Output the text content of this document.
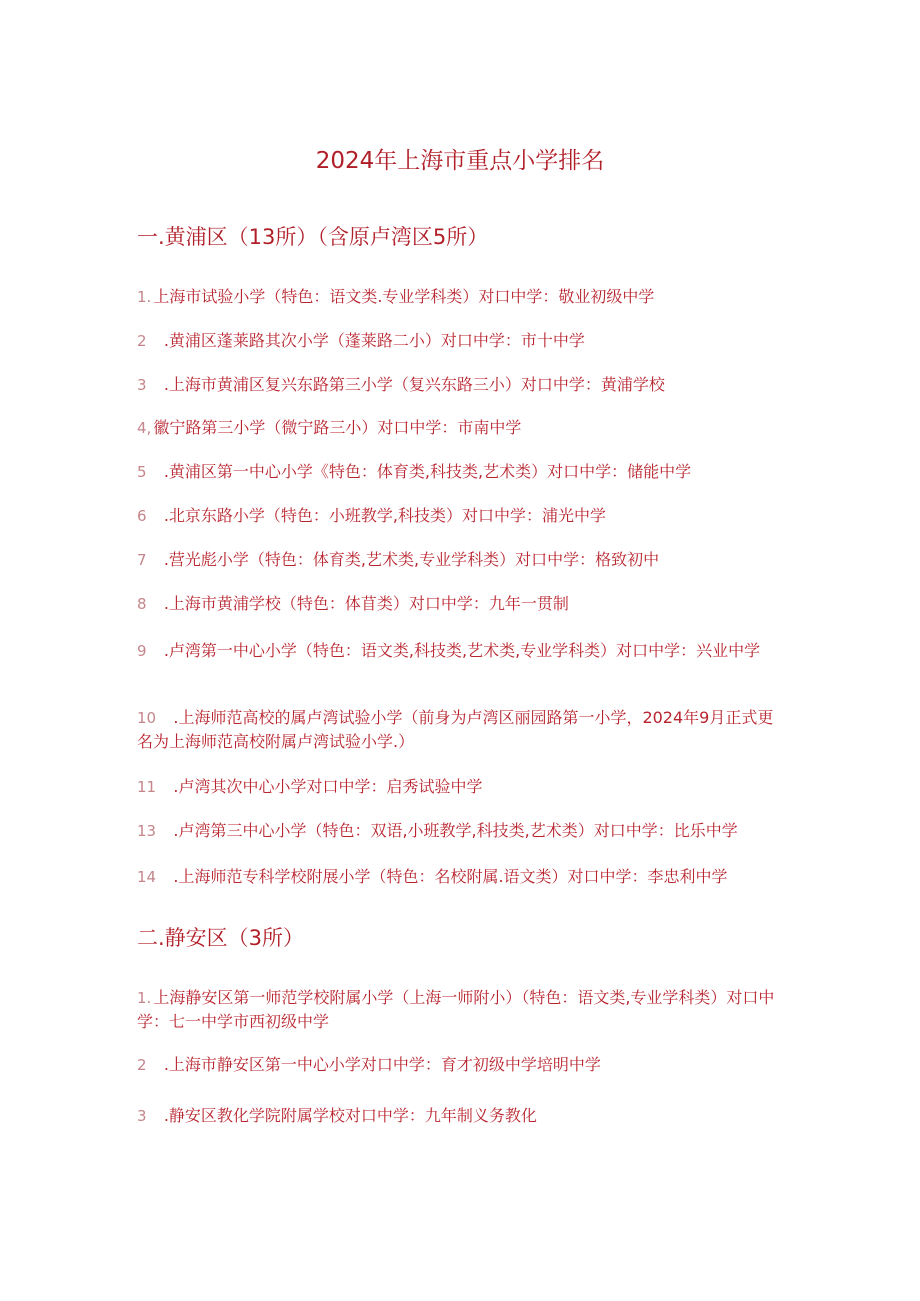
2024年上海市重点小学排名
一.黄浦区（13所）（含原卢湾区5所）
1. 上海市试验小学（特色：语文类.专业学科类）对口中学：敬业初级中学
2 .黄浦区蓬莱路其次小学（蓬莱路二小）对口中学：市十中学
3 .上海市黄浦区复兴东路第三小学（复兴东路三小）对口中学：黄浦学校
4, 徽宁路第三小学（微宁路三小）对口中学：市南中学
5 .黄浦区第一中心小学《特色：体育类,科技类,艺术类）对口中学：储能中学
6 .北京东路小学（特色：小班教学,科技类）对口中学：浦光中学
7 .营光彪小学（特色：体育类,艺术类,专业学科类）对口中学：格致初中
8 .上海市黄浦学校（特色：体苜类）对口中学：九年一贯制
9 .卢湾第一中心小学（特色：语文类,科技类,艺术类,专业学科类）对口中学：兴业中学
10 .上海师范高校的属卢湾试验小学（前身为卢湾区丽园路第一小学，2024年9月正式更名为上海师范高校附属卢湾试验小学.）
11 .卢湾其次中心小学对口中学：启秀试验中学
13 .卢湾第三中心小学（特色：双语,小班教学,科技类,艺术类）对口中学：比乐中学
14 .上海师范专科学校附展小学（特色：名校附属.语文类）对口中学：李忠利中学
二.静安区（3所）
1. 上海静安区第一师范学校附属小学（上海一师附小）（特色：语文类,专业学科类）对口中学：七一中学市西初级中学
2 .上海市静安区第一中心小学对口中学：育才初级中学培明中学
3 .静安区教化学院附属学校对口中学：九年制义务教化
